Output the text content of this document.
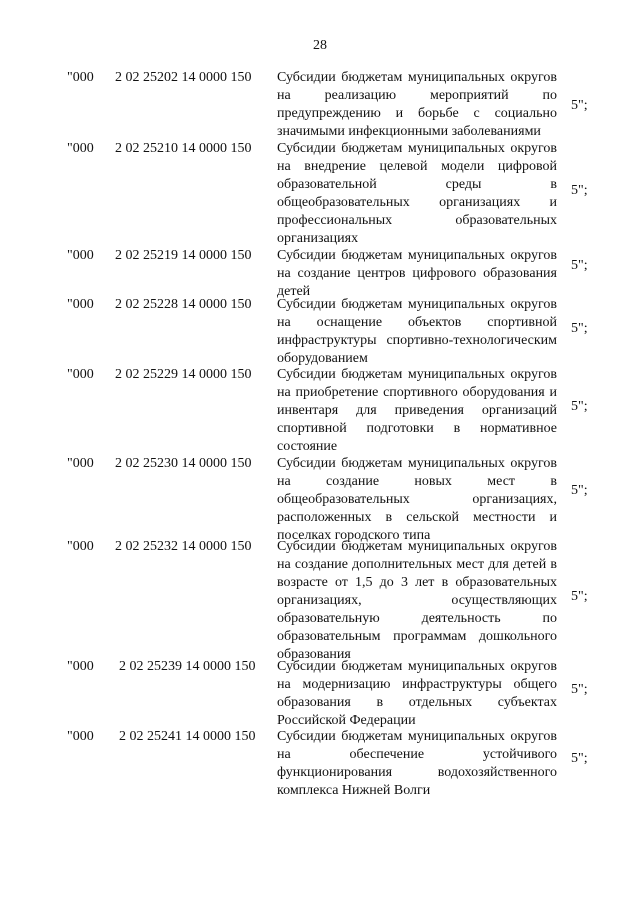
28
"000 2 02 25202 14 0000 150 Субсидии бюджетам муниципальных округов на реализацию мероприятий по предупреждению и борьбе с социально значимыми инфекционными заболеваниями
5";
"000 2 02 25210 14 0000 150 Субсидии бюджетам муниципальных округов на внедрение целевой модели цифровой образовательной среды в общеобразовательных организациях и профессиональных образовательных организациях
5";
"000 2 02 25219 14 0000 150 Субсидии бюджетам муниципальных округов на создание центров цифрового образования детей
5";
"000 2 02 25228 14 0000 150 Субсидии бюджетам муниципальных округов на оснащение объектов спортивной инфраструктуры спортивно-технологическим оборудованием
5";
"000 2 02 25229 14 0000 150 Субсидии бюджетам муниципальных округов на приобретение спортивного оборудования и инвентаря для приведения организаций спортивной подготовки в нормативное состояние
5";
"000 2 02 25230 14 0000 150 Субсидии бюджетам муниципальных округов на создание новых мест в общеобразовательных организациях, расположенных в сельской местности и поселках городского типа
5";
"000 2 02 25232 14 0000 150 Субсидии бюджетам муниципальных округов на создание дополнительных мест для детей в возрасте от 1,5 до 3 лет в образовательных организациях, осуществляющих образовательную деятельность по образовательным программам дошкольного образования
5";
"000 2 02 25239 14 0000 150 Субсидии бюджетам муниципальных округов на модернизацию инфраструктуры общего образования в отдельных субъектах Российской Федерации
5";
"000 2 02 25241 14 0000 150 Субсидии бюджетам муниципальных округов на обеспечение устойчивого функционирования водохозяйственного комплекса Нижней Волги
5";
